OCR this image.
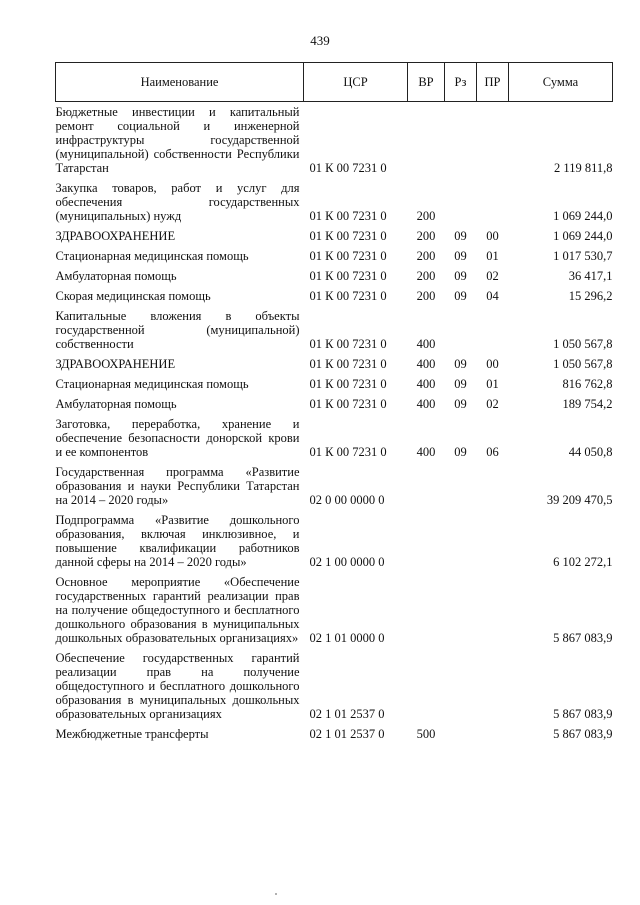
439
Наименование	ЦСР	ВР	Рз	ПР	Сумма
Бюджетные инвестиции и капитальный ремонт социальной и инженерной инфраструктуры государственной (муниципальной) собственности Республики Татарстан	01 К 00 7231 0				2 119 811,8
Закупка товаров, работ и услуг для обеспечения государственных (муниципальных) нужд	01 К 00 7231 0	200			1 069 244,0
ЗДРАВООХРАНЕНИЕ	01 К 00 7231 0	200	09	00	1 069 244,0
Стационарная медицинская помощь	01 К 00 7231 0	200	09	01	1 017 530,7
Амбулаторная помощь	01 К 00 7231 0	200	09	02	36 417,1
Скорая медицинская помощь	01 К 00 7231 0	200	09	04	15 296,2
Капитальные вложения в объекты государственной (муниципальной) собственности	01 К 00 7231 0	400			1 050 567,8
ЗДРАВООХРАНЕНИЕ	01 К 00 7231 0	400	09	00	1 050 567,8
Стационарная медицинская помощь	01 К 00 7231 0	400	09	01	816 762,8
Амбулаторная помощь	01 К 00 7231 0	400	09	02	189 754,2
Заготовка, переработка, хранение и обеспечение безопасности донорской крови и ее компонентов	01 К 00 7231 0	400	09	06	44 050,8
Государственная программа «Развитие образования и науки Республики Татарстан на 2014 – 2020 годы»	02 0 00 0000 0				39 209 470,5
Подпрограмма «Развитие дошкольного образования, включая инклюзивное, и повышение квалификации работников данной сферы на 2014 – 2020 годы»	02 1 00 0000 0				6 102 272,1
Основное мероприятие «Обеспечение государственных гарантий реализации прав на получение общедоступного и бесплатного дошкольного образования в муниципальных дошкольных образовательных организациях»	02 1 01 0000 0				5 867 083,9
Обеспечение государственных гарантий реализации прав на получение общедоступного и бесплатного дошкольного образования в муниципальных дошкольных образовательных организациях	02 1 01 2537 0				5 867 083,9
Межбюджетные трансферты	02 1 01 2537 0	500			5 867 083,9
